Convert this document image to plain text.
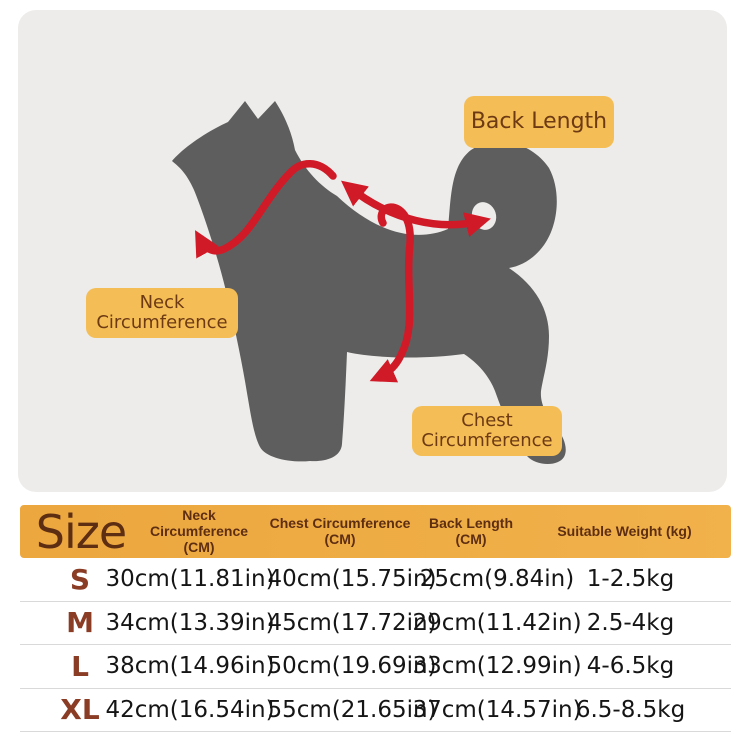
Back Length
Neck Circumference
Chest Circumference
Size	Neck Circumference (CM)
Chest Circumference (CM)
Back Length (CM)	Suitable Weight (kg)
S 30cm(11.81in)
40cm(15.75in)
25cm(9.84in) 1-2.5kg
M 34cm(13.39in)
45cm(17.72in)
29cm(11.42in) 2.5-4kg
L 38cm(14.96in)
50cm(19.69in)
33cm(12.99in) 4-6.5kg
XL 42cm(16.54in)
55cm(21.65in)
37cm(14.57in)
6.5-8.5kg
